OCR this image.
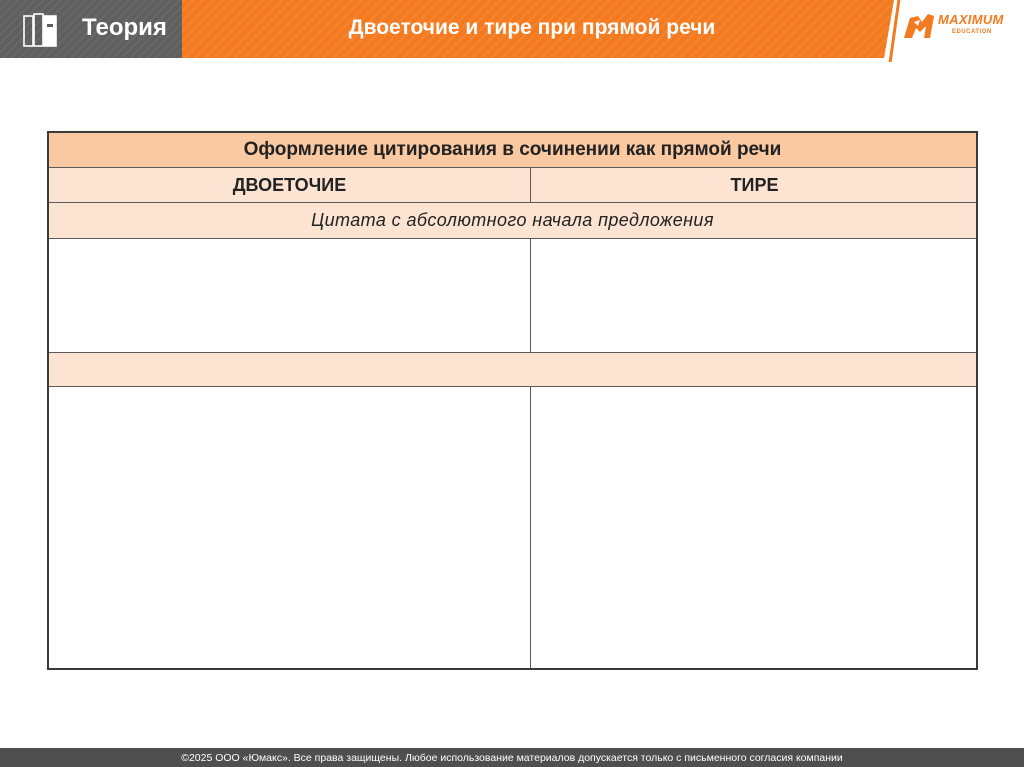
Теория	Двоеточие и тире при прямой речи	MAXIMUM
EDUCATION
Оформление цитирования в сочинении как прямой речи
ДВОЕТОЧИЕ	ТИРЕ
Цитата с абсолютного начала предложения
©2025 ООО «Юмакс». Все права защищены. Любое использование материалов допускается только с письменного согласия компании
